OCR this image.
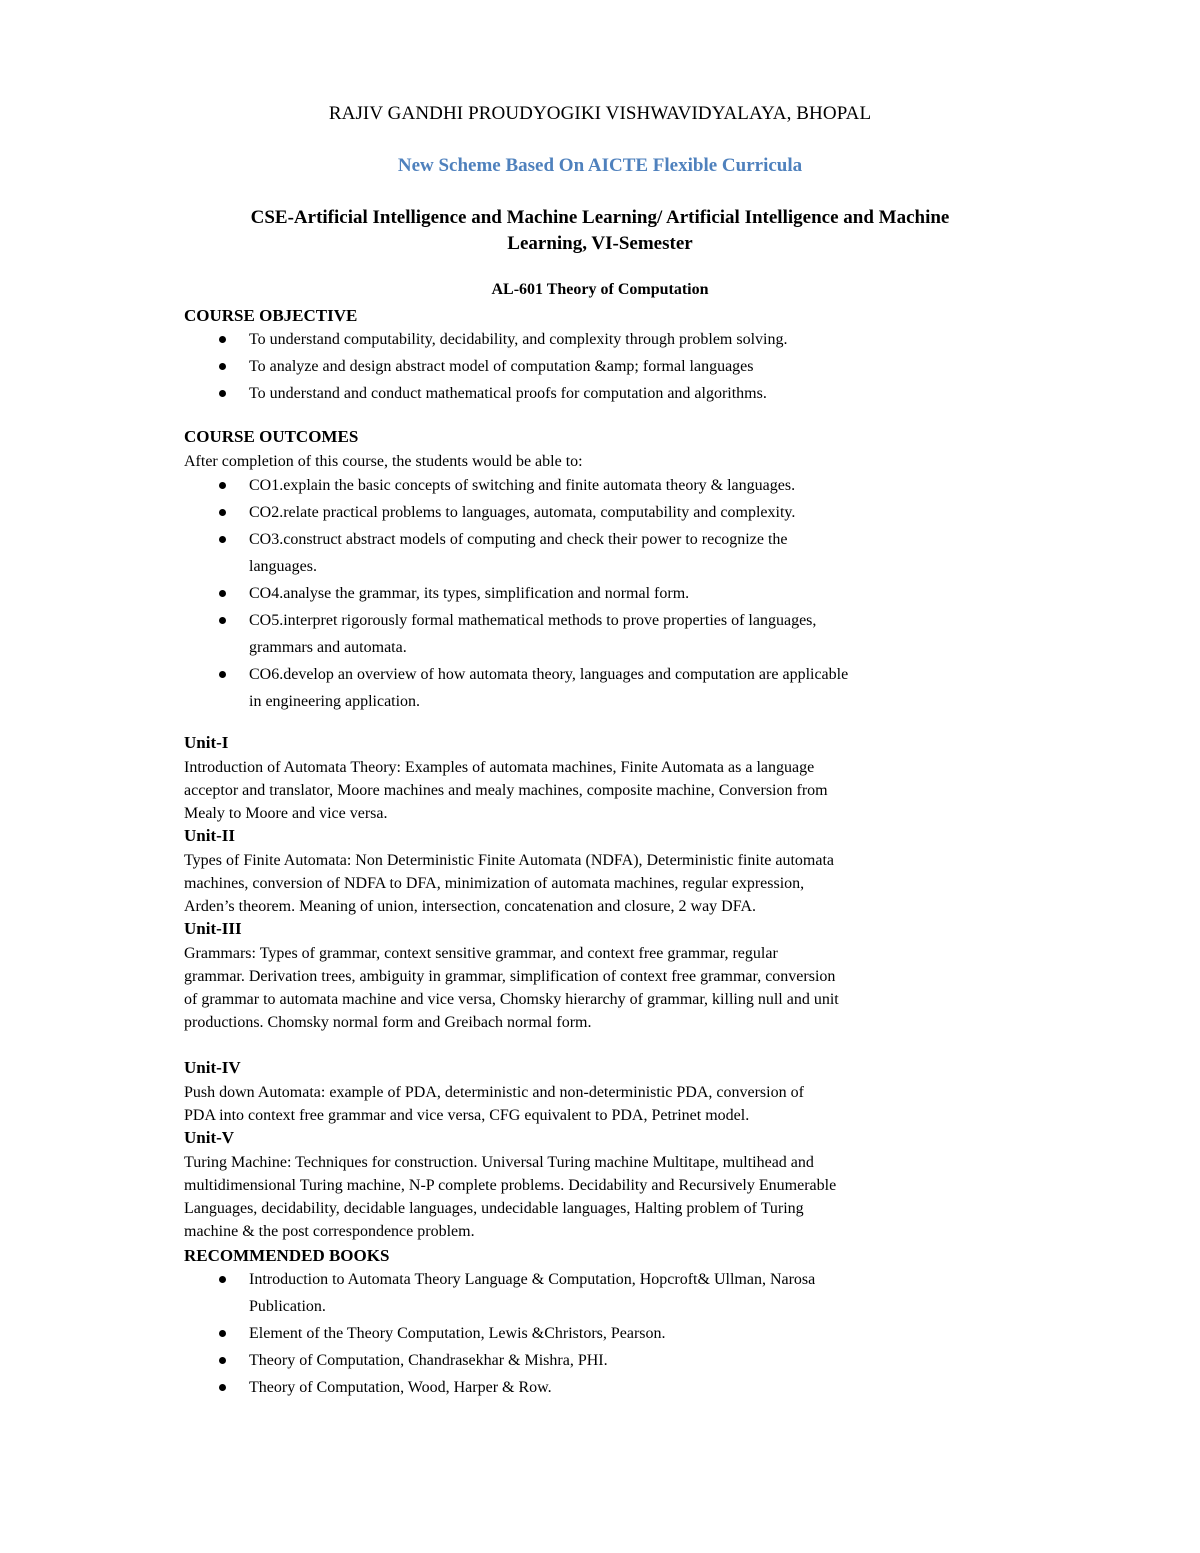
RAJIV GANDHI PROUDYOGIKI VISHWAVIDYALAYA, BHOPAL
New Scheme Based On AICTE Flexible Curricula
CSE-Artificial Intelligence and Machine Learning/ Artificial Intelligence and Machine
Learning, VI-Semester
AL-601 Theory of Computation
COURSE OBJECTIVE
To understand computability, decidability, and complexity through problem solving.
To analyze and design abstract model of computation &amp; formal languages
To understand and conduct mathematical proofs for computation and algorithms.
COURSE OUTCOMES
After completion of this course, the students would be able to:
CO1.explain the basic concepts of switching and finite automata theory & languages.
CO2.relate practical problems to languages, automata, computability and complexity.
CO3.construct abstract models of computing and check their power to recognize the
languages.
CO4.analyse the grammar, its types, simplification and normal form.
CO5.interpret rigorously formal mathematical methods to prove properties of languages,
grammars and automata.
CO6.develop an overview of how automata theory, languages and computation are applicable
in engineering application.
Unit-I
Introduction of Automata Theory: Examples of automata machines, Finite Automata as a language
acceptor and translator, Moore machines and mealy machines, composite machine, Conversion from
Mealy to Moore and vice versa.
Unit-II
Types of Finite Automata: Non Deterministic Finite Automata (NDFA), Deterministic finite automata
machines, conversion of NDFA to DFA, minimization of automata machines, regular expression,
Arden’s theorem. Meaning of union, intersection, concatenation and closure, 2 way DFA.
Unit-III
Grammars: Types of grammar, context sensitive grammar, and context free grammar, regular
grammar. Derivation trees, ambiguity in grammar, simplification of context free grammar, conversion
of grammar to automata machine and vice versa, Chomsky hierarchy of grammar, killing null and unit
productions. Chomsky normal form and Greibach normal form.
Unit-IV
Push down Automata: example of PDA, deterministic and non-deterministic PDA, conversion of
PDA into context free grammar and vice versa, CFG equivalent to PDA, Petrinet model.
Unit-V
Turing Machine: Techniques for construction. Universal Turing machine Multitape, multihead and
multidimensional Turing machine, N-P complete problems. Decidability and Recursively Enumerable
Languages, decidability, decidable languages, undecidable languages, Halting problem of Turing
machine & the post correspondence problem.
RECOMMENDED BOOKS
Introduction to Automata Theory Language & Computation, Hopcroft& Ullman, Narosa
Publication.
Element of the Theory Computation, Lewis &Christors, Pearson.
Theory of Computation, Chandrasekhar & Mishra, PHI.
Theory of Computation, Wood, Harper & Row.
